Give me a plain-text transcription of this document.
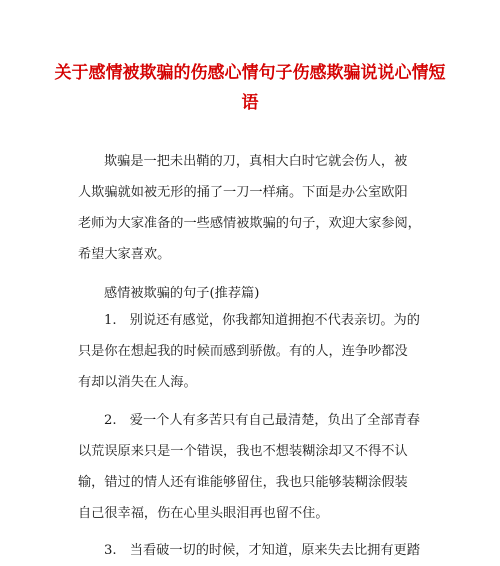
关于感情被欺骗的伤感心情句子伤感欺骗说说心情短
语
欺骗是一把未出鞘的刀，真相大白时它就会伤人，被
人欺骗就如被无形的捅了一刀一样痛。下面是办公室欧阳
老师为大家准备的一些感情被欺骗的句子，欢迎大家参阅，
希望大家喜欢。
感情被欺骗的句子(推荐篇)
1.　别说还有感觉，你我都知道拥抱不代表亲切。为的
只是你在想起我的时候而感到骄傲。有的人，连争吵都没
有却以消失在人海。
2.　爱一个人有多苦只有自己最清楚，负出了全部青春
以荒误原来只是一个错误，我也不想装糊涂却又不得不认
输，错过的情人还有谁能够留住，我也只能够装糊涂假装
自己很幸福，伤在心里头眼泪再也留不住。
3.　当看破一切的时候，才知道，原来失去比拥有更踏
